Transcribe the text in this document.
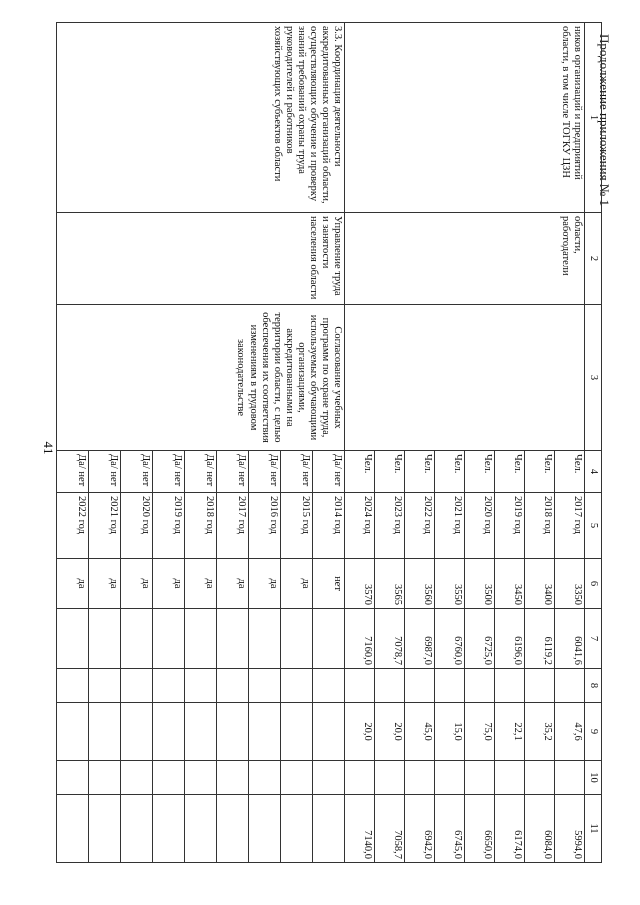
41
Продолжение приложения № 1
1	2	3	4	5	6	7	8	9	10	11
ников организаций и предприятий области, в том числе ТОГКУ ЦЗН	области, работодатели		Чел.	2017 год	3350	6041,6		47,6		5994,0
			Чел.	2018 год	3400	6119,2		35,2		6084,0
			Чел.	2019 год	3450	6196,0		22,1		6174,0
			Чел.	2020 год	3500	6725,0		75,0		6650,0
			Чел.	2021 год	3550	6760,0		15,0		6745,0
			Чел.	2022 год	3560	6987,0		45,0		6942,0
			Чел.	2023 год	3565	7078,7		20,0		7058,7
			Чел.	2024 год	3570	7160,0		20,0		7140,0
3.3. Координация деятельности аккредитованных организаций области, осуществляющих обучение и проверку знаний требований охраны труда руководителей и работников хозяйствующих субъектов области	Управление труда и занятости населения области	Согласование учебных программ по охране труда, используемых обучающими организациями, аккредитованными на территории области, с целью обеспечения их соответствия изменениям в трудовом законодательстве	Да/ нет	2014 год	нет					
			Да/ нет	2015 год	да					
			Да/ нет	2016 год	да					
			Да/ нет	2017 год	да					
			Да/ нет	2018 год	да					
			Да/ нет	2019 год	да					
			Да/ нет	2020 год	да					
			Да/ нет	2021 год	да					
			Да/ нет	2022 год	да					
